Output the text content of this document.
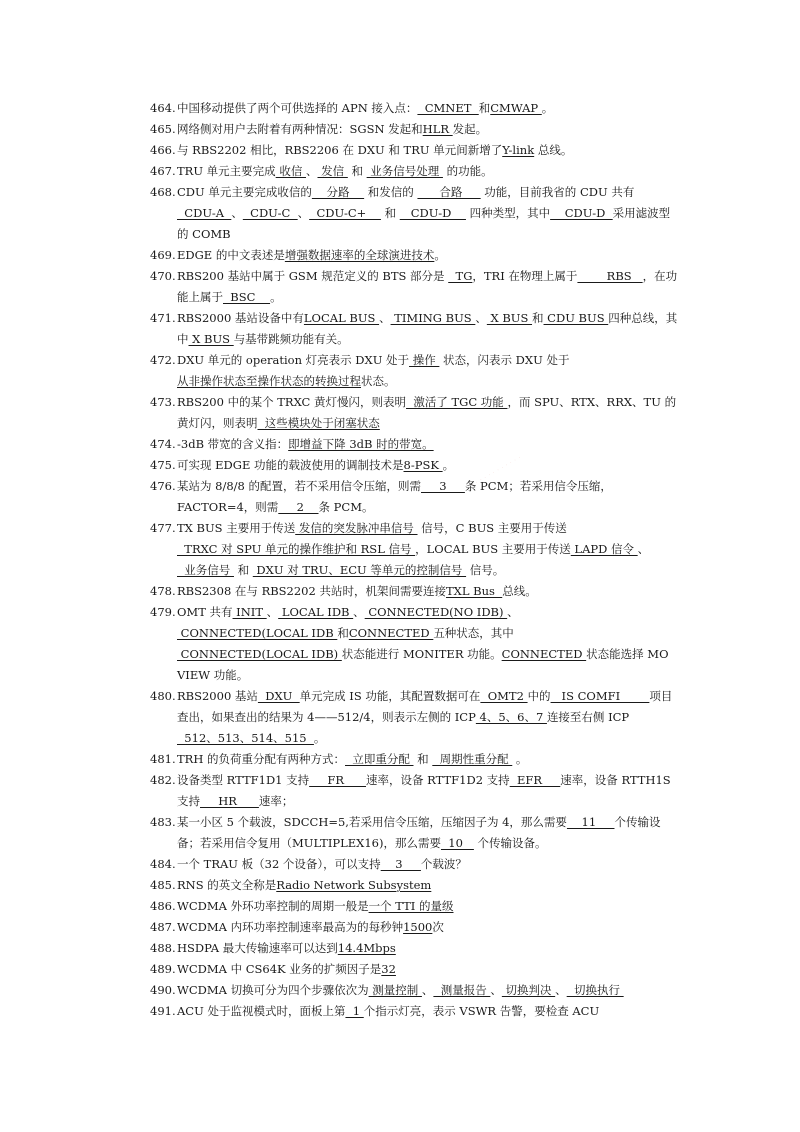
464.中国移动提供了两个可供选择的 APN 接入点：  CMNET  和CMWAP 。

465.网络侧对用户去附着有两种情况：SGSN 发起和HLR 发起。

466.与 RBS2202 相比，RBS2206 在 DXU 和 TRU 单元间新增了Y-link 总线。

467.TRU 单元主要完成 收信 、 发信  和  业务信号处理  的功能。

468.CDU 单元主要完成收信的    分路     和发信的       合路      功能，目前我省的 CDU 共有   CDU-A  、  CDU-C  、  CDU-C+     和    CDU-D     四种类型，其中    CDU-D  采用滤波型的 COMB

469.EDGE 的中文表述是增强数据速率的全球演进技术。

470.RBS200 基站中属于 GSM 规范定义的 BTS 部分是   TG，TRI 在物理上属于        RBS   ，在功能上属于  BSC    。

471.RBS2000 基站设备中有LOCAL BUS 、 TIMING BUS 、 X BUS 和 CDU BUS 四种总线，其中 X BUS 与基带跳频功能有关。

472.DXU 单元的 operation 灯亮表示 DXU 处于 操作  状态，闪表示 DXU 处于从非操作状态至操作状态的转换过程状态。

473.RBS200 中的某个 TRXC 黄灯慢闪，则表明  激活了 TGC 功能 ，而 SPU、RTX、RRX、TU 的黄灯闪，则表明  这些模块处于闭塞状态

474.-3dB 带宽的含义指：即增益下降 3dB 时的带宽。

475.可实现 EDGE 功能的载波使用的调制技术是8-PSK 。

476.某站为 8/8/8 的配置，若不采用信令压缩，则需     3     条 PCM；若采用信令压缩，FACTOR=4，则需     2    条 PCM。

477.TX BUS 主要用于传送 发信的突发脉冲串信号  信号，C BUS 主要用于传送  TRXC 对 SPU 单元的操作维护和 RSL 信号 ，LOCAL BUS 主要用于传送 LAPD 信令 、  业务信号  和  DXU 对 TRU、ECU 等单元的控制信号  信号。

478.RBS2308 在与 RBS2202 共站时，机架间需要连接TXL Bus  总线。

479.OMT 共有 INIT 、 LOCAL IDB 、 CONNECTED(NO IDB) 、 CONNECTED(LOCAL IDB 和CONNECTED 五种状态，其中 CONNECTED(LOCAL IDB) 状态能进行 MONITER 功能。CONNECTED 状态能选择 MO VIEW 功能。

480.RBS2000 基站  DXU  单元完成 IS 功能，其配置数据可在  OMT2 中的   IS COMFI        项目查出，如果查出的结果为 4——512/4，则表示左侧的 ICP 4、5、6、7 连接至右侧 ICP  512、513、514、515  。

481.TRH 的负荷重分配有两种方式：  立即重分配  和   周期性重分配  。

482.设备类型 RTTF1D1 支持     FR      速率，设备 RTTF1D2 支持  EFR     速率，设备 RTTH1S 支持     HR      速率；

483.某一小区 5 个载波，SDCCH=5,若采用信令压缩，压缩因子为 4，那么需要    11     个传输设备；若采用信令复用（MULTIPLEX16)，那么需要  10    个传输设备。

484.一个 TRAU 板（32 个设备），可以支持    3     个载波？

485.RNS 的英文全称是Radio Network Subsystem

486.WCDMA 外环功率控制的周期一般是一个 TTI 的量级

487.WCDMA 内环功率控制速率最高为的每秒钟1500次

488.HSDPA 最大传输速率可以达到14.4Mbps

489.WCDMA 中 CS64K 业务的扩频因子是32

490.WCDMA 切换可分为四个步骤依次为 测量控制 、  测量报告 、 切换判决 、  切换执行

491.ACU 处于监视模式时，面板上第  1 个指示灯亮，表示 VSWR 告警，要检查 ACU

· · · · · · · · · · · ·
